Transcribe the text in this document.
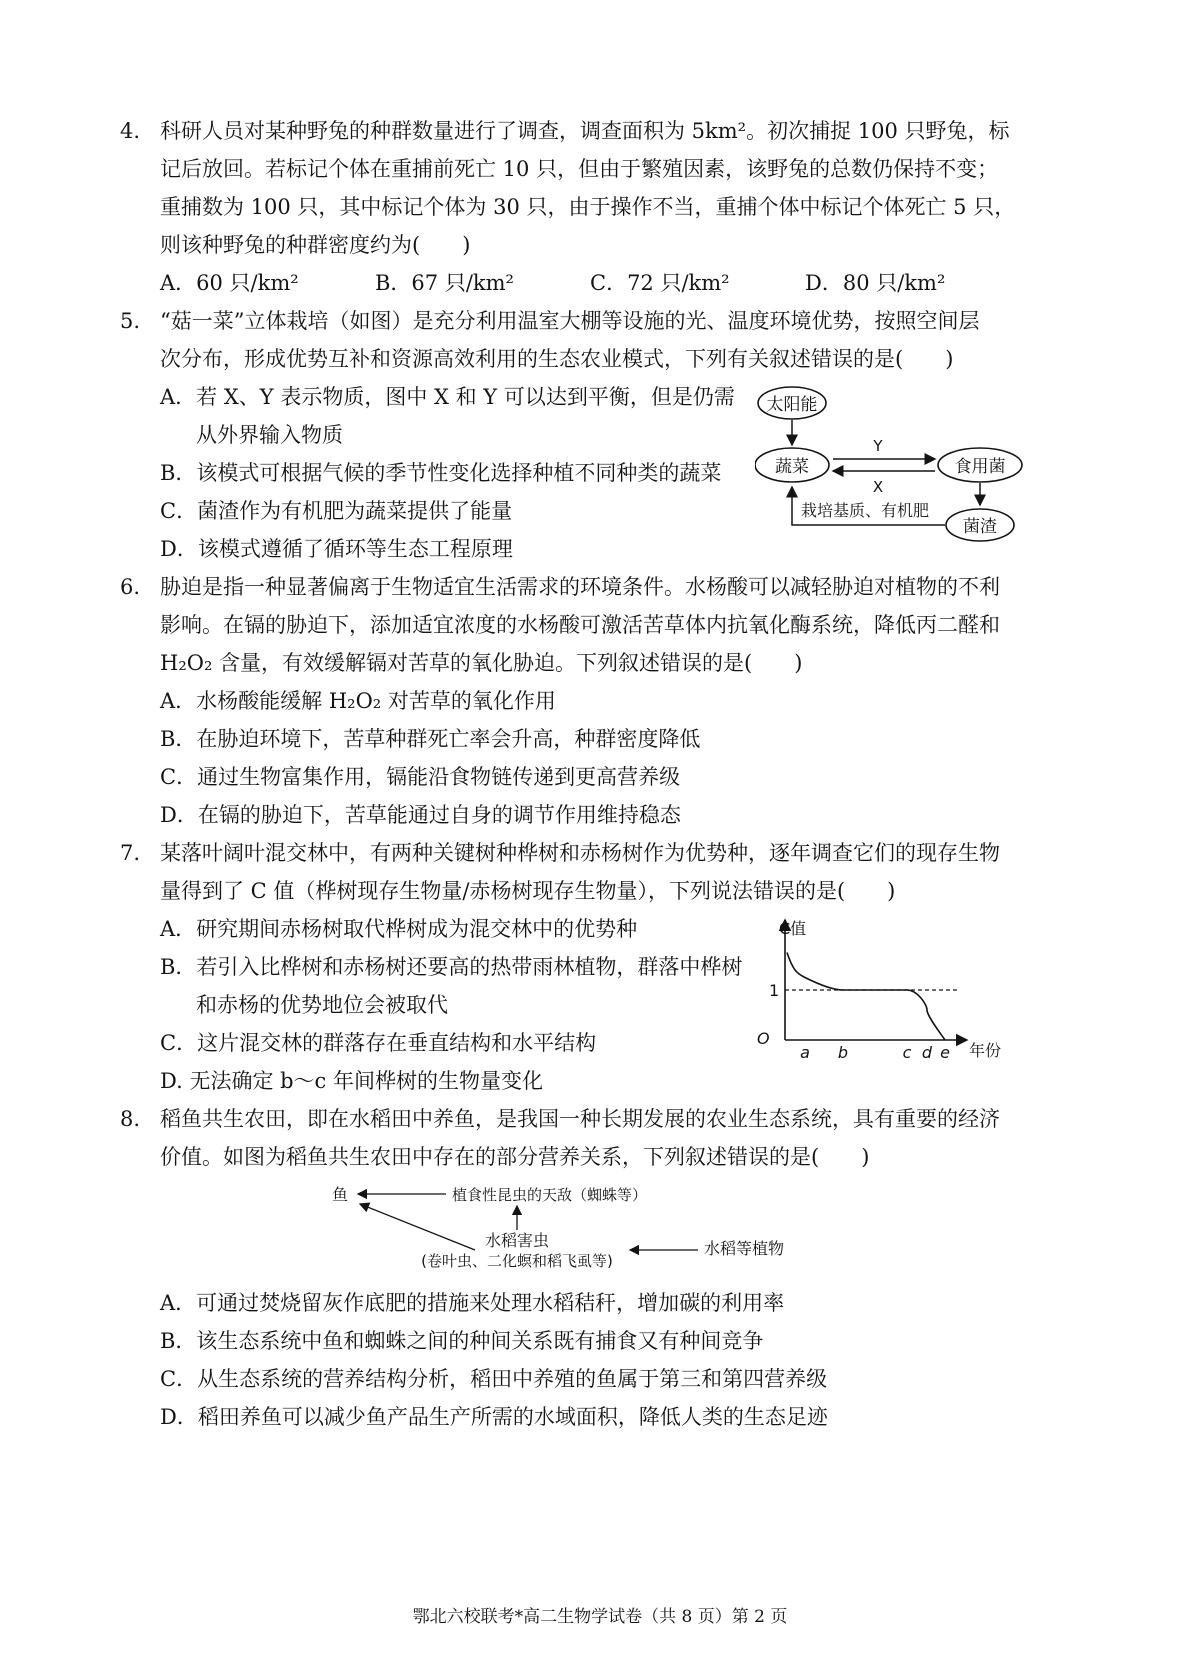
4. 科研人员对某种野兔的种群数量进行了调查，调查面积为 5km²。初次捕捉 100 只野兔，标
记后放回。若标记个体在重捕前死亡 10 只，但由于繁殖因素，该野兔的总数仍保持不变；
重捕数为 100 只，其中标记个体为 30 只，由于操作不当，重捕个体中标记个体死亡 5 只，
则该种野兔的种群密度约为(　　)
A．60 只/km²	B．67 只/km²	C．72 只/km²	D．80 只/km²
5. “菇一菜”立体栽培（如图）是充分利用温室大棚等设施的光、温度环境优势，按照空间层
次分布，形成优势互补和资源高效利用的生态农业模式，下列有关叙述错误的是(　　)
A．若 X、Y 表示物质，图中 X 和 Y 可以达到平衡，但是仍需
从外界输入物质
B．该模式可根据气候的季节性变化选择种植不同种类的蔬菜
C．菌渣作为有机肥为蔬菜提供了能量
D．该模式遵循了循环等生态工程原理
太阳能
蔬菜	食用菌
Y
X
菌渣
栽培基质、有机肥
6. 胁迫是指一种显著偏离于生物适宜生活需求的环境条件。水杨酸可以减轻胁迫对植物的不利
影响。在镉的胁迫下，添加适宜浓度的水杨酸可激活苦草体内抗氧化酶系统，降低丙二醛和
H₂O₂ 含量，有效缓解镉对苦草的氧化胁迫。下列叙述错误的是(　　)
A．水杨酸能缓解 H₂O₂ 对苦草的氧化作用
B．在胁迫环境下，苦草种群死亡率会升高，种群密度降低
C．通过生物富集作用，镉能沿食物链传递到更高营养级
D．在镉的胁迫下，苦草能通过自身的调节作用维持稳态
7. 某落叶阔叶混交林中，有两种关键树种桦树和赤杨树作为优势种，逐年调查它们的现存生物
量得到了 C 值（桦树现存生物量/赤杨树现存生物量），下列说法错误的是(　　)
A．研究期间赤杨树取代桦树成为混交林中的优势种
B．若引入比桦树和赤杨树还要高的热带雨林植物，群落中桦树
和赤杨的优势地位会被取代
C．这片混交林的群落存在垂直结构和水平结构
D. 无法确定 b～c 年间桦树的生物量变化
C值
年份
O
1
a b	c d e
8. 稻鱼共生农田，即在水稻田中养鱼，是我国一种长期发展的农业生态系统，具有重要的经济
价值。如图为稻鱼共生农田中存在的部分营养关系，下列叙述错误的是(　　)
鱼	植食性昆虫的天敌（蜘蛛等）
水稻害虫
(卷叶虫、二化螟和稻飞虱等)
水稻等植物
A．可通过焚烧留灰作底肥的措施来处理水稻秸秆，增加碳的利用率
B．该生态系统中鱼和蜘蛛之间的种间关系既有捕食又有种间竞争
C．从生态系统的营养结构分析，稻田中养殖的鱼属于第三和第四营养级
D．稻田养鱼可以减少鱼产品生产所需的水域面积，降低人类的生态足迹
鄂北六校联考*高二生物学试卷（共 8 页）第 2 页
